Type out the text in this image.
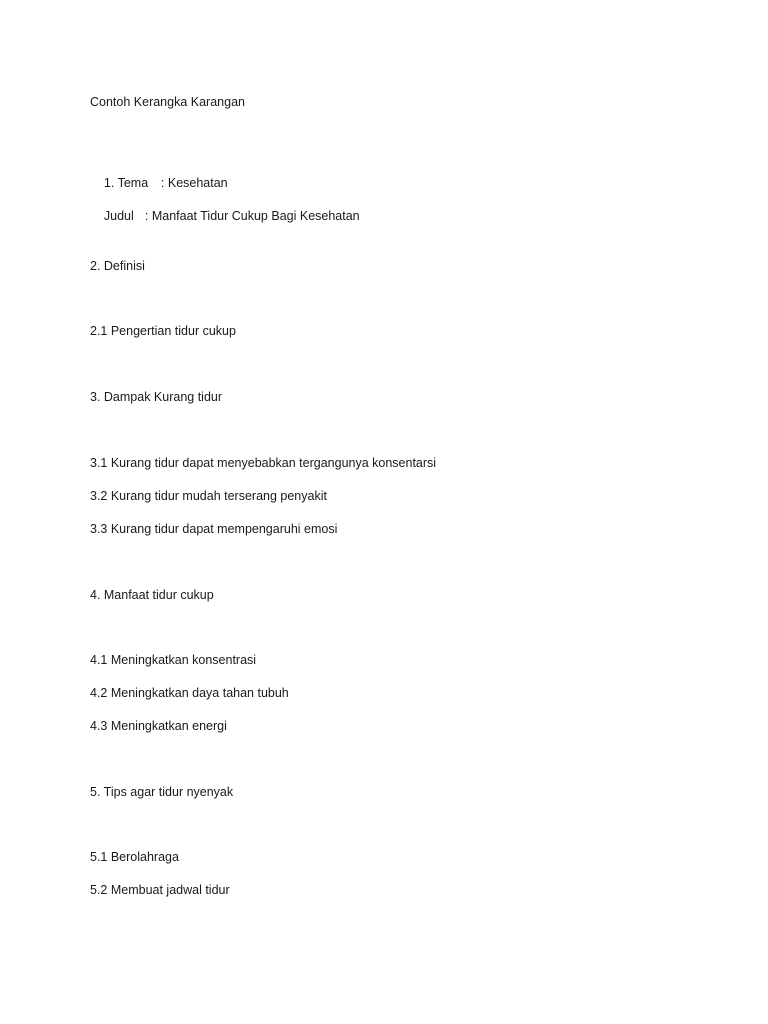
Contoh Kerangka Karangan

1. Tema : Kesehatan

Judul : Manfaat Tidur Cukup Bagi Kesehatan

2. Definisi
2.1 Pengertian tidur cukup
3. Dampak Kurang tidur
3.1 Kurang tidur dapat menyebabkan tergangunya konsentarsi
3.2 Kurang tidur mudah terserang penyakit
3.3 Kurang tidur dapat mempengaruhi emosi
4. Manfaat tidur cukup
4.1 Meningkatkan konsentrasi
4.2 Meningkatkan daya tahan tubuh
4.3 Meningkatkan energi
5. Tips agar tidur nyenyak
5.1 Berolahraga
5.2 Membuat jadwal tidur
